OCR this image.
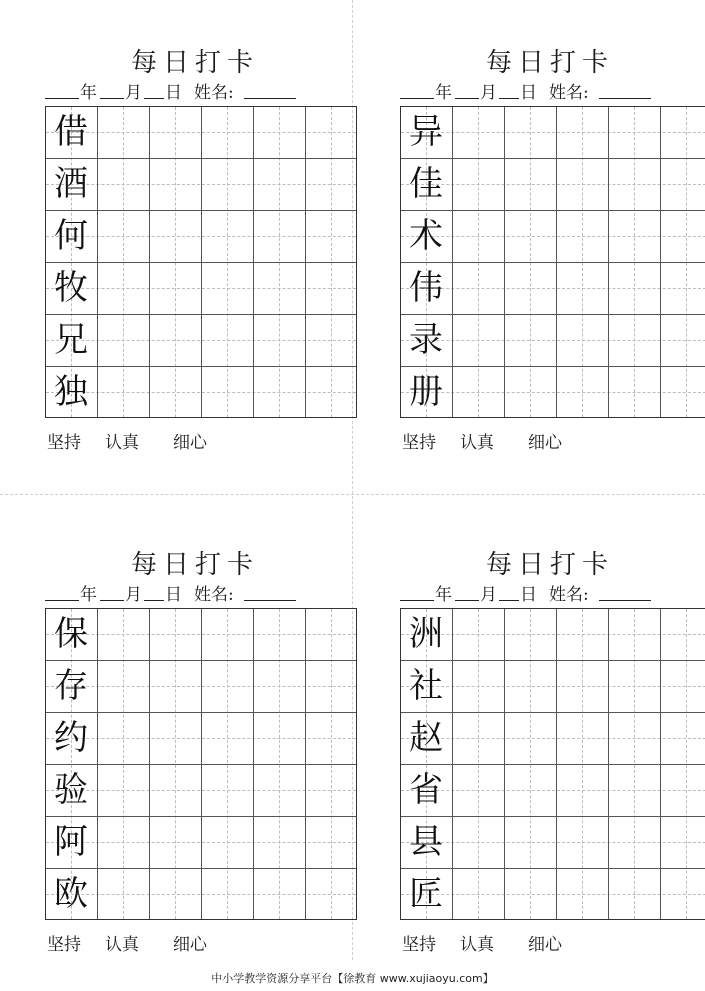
每日打卡
年 月 日 姓名:
借
酒
何
牧
兄
独
坚持 认真 细心
每日打卡
年 月 日 姓名:
异
佳
术
伟
录
册
坚持 认真 细心
每日打卡
年 月 日 姓名:
保
存
约
验
阿
欧
坚持 认真 细心
每日打卡
年 月 日 姓名:
洲
社
赵
省
县
匠
坚持 认真 细心
中小学教学资源分享平台【徐教育 www.xujiaoyu.com】
